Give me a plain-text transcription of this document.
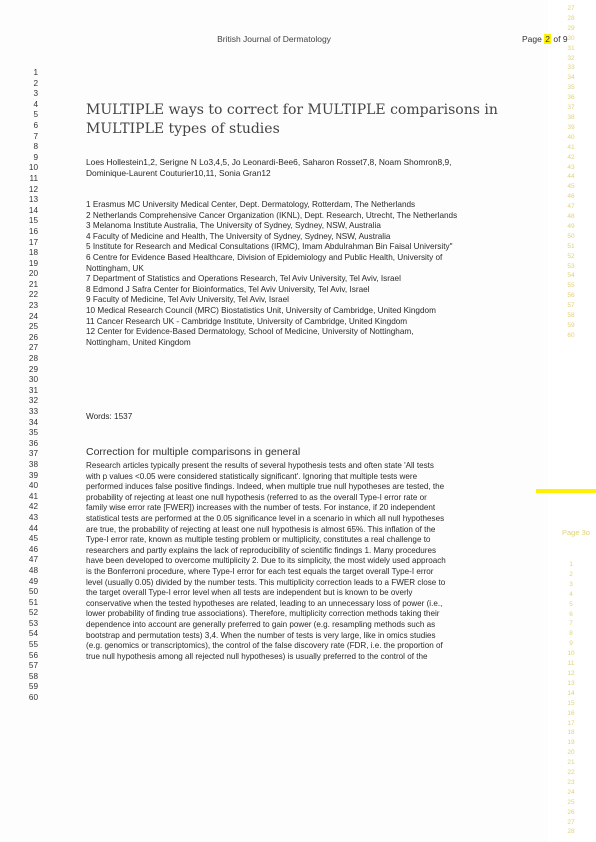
British Journal of Dermatology	Page 2 of 9
1
2
3
4
5
6
7
8
9
10
11
12
13
14
15
16
17
18
19
20
21
22
23
24
25
26
27
28
29
30
31
32
33
34
35
36
37
38
39
40
41
42
43
44
45
46
47
48
49
50
51
52
53
54
55
56
57
58
59
60
27
28
29
30
31
32
33
34
35
36
37
38
39
40
41
42
43
44
45
46
47
48
49
50
51
52
53
54
55
56
57
58
59
60
Page 3o
1
2
3
4
5
6
7
8
9
10
11
12
13
14
15
16
17
18
19
20
21
22
23
24
25
26
27
28
MULTIPLE ways to correct for MULTIPLE comparisons in
MULTIPLE types of studies
Loes Hollestein1,2, Serigne N Lo3,4,5, Jo Leonardi-Bee6, Saharon Rosset7,8, Noam Shomron8,9,
Dominique-Laurent Couturier10,11, Sonia Gran12
1 Erasmus MC University Medical Center, Dept. Dermatology, Rotterdam, The Netherlands
2 Netherlands Comprehensive Cancer Organization (IKNL), Dept. Research, Utrecht, The Netherlands
3 Melanoma Institute Australia, The University of Sydney, Sydney, NSW, Australia
4 Faculty of Medicine and Health, The University of Sydney, Sydney, NSW, Australia
5 Institute for Research and Medical Consultations (IRMC), Imam Abdulrahman Bin Faisal University"
6 Centre for Evidence Based Healthcare, Division of Epidemiology and Public Health, University of
Nottingham, UK
7 Department of Statistics and Operations Research, Tel Aviv University, Tel Aviv, Israel
8 Edmond J Safra Center for Bioinformatics, Tel Aviv University, Tel Aviv, Israel
9 Faculty of Medicine, Tel Aviv University, Tel Aviv, Israel
10 Medical Research Council (MRC) Biostatistics Unit, University of Cambridge, United Kingdom
11 Cancer Research UK - Cambridge Institute, University of Cambridge, United Kingdom
12 Center for Evidence-Based Dermatology, School of Medicine, University of Nottingham,
Nottingham, United Kingdom
Words: 1537
Correction for multiple comparisons in general
Research articles typically present the results of several hypothesis tests and often state 'All tests
with p values <0.05 were considered statistically significant'. Ignoring that multiple tests were
performed induces false positive findings. Indeed, when multiple true null hypotheses are tested, the
probability of rejecting at least one null hypothesis (referred to as the overall Type-I error rate or
family wise error rate [FWER]) increases with the number of tests. For instance, if 20 independent
statistical tests are performed at the 0.05 significance level in a scenario in which all null hypotheses
are true, the probability of rejecting at least one null hypothesis is almost 65%. This inflation of the
Type-I error rate, known as multiple testing problem or multiplicity, constitutes a real challenge to
researchers and partly explains the lack of reproducibility of scientific findings 1. Many procedures
have been developed to overcome multiplicity 2. Due to its simplicity, the most widely used approach
is the Bonferroni procedure, where Type-I error for each test equals the target overall Type-I error
level (usually 0.05) divided by the number tests. This multiplicity correction leads to a FWER close to
the target overall Type-I error level when all tests are independent but is known to be overly
conservative when the tested hypotheses are related, leading to an unnecessary loss of power (i.e.,
lower probability of finding true associations). Therefore, multiplicity correction methods taking their
dependence into account are generally preferred to gain power (e.g. resampling methods such as
bootstrap and permutation tests) 3,4. When the number of tests is very large, like in omics studies
(e.g. genomics or transcriptomics), the control of the false discovery rate (FDR, i.e. the proportion of
true null hypothesis among all rejected null hypotheses) is usually preferred to the control of the
